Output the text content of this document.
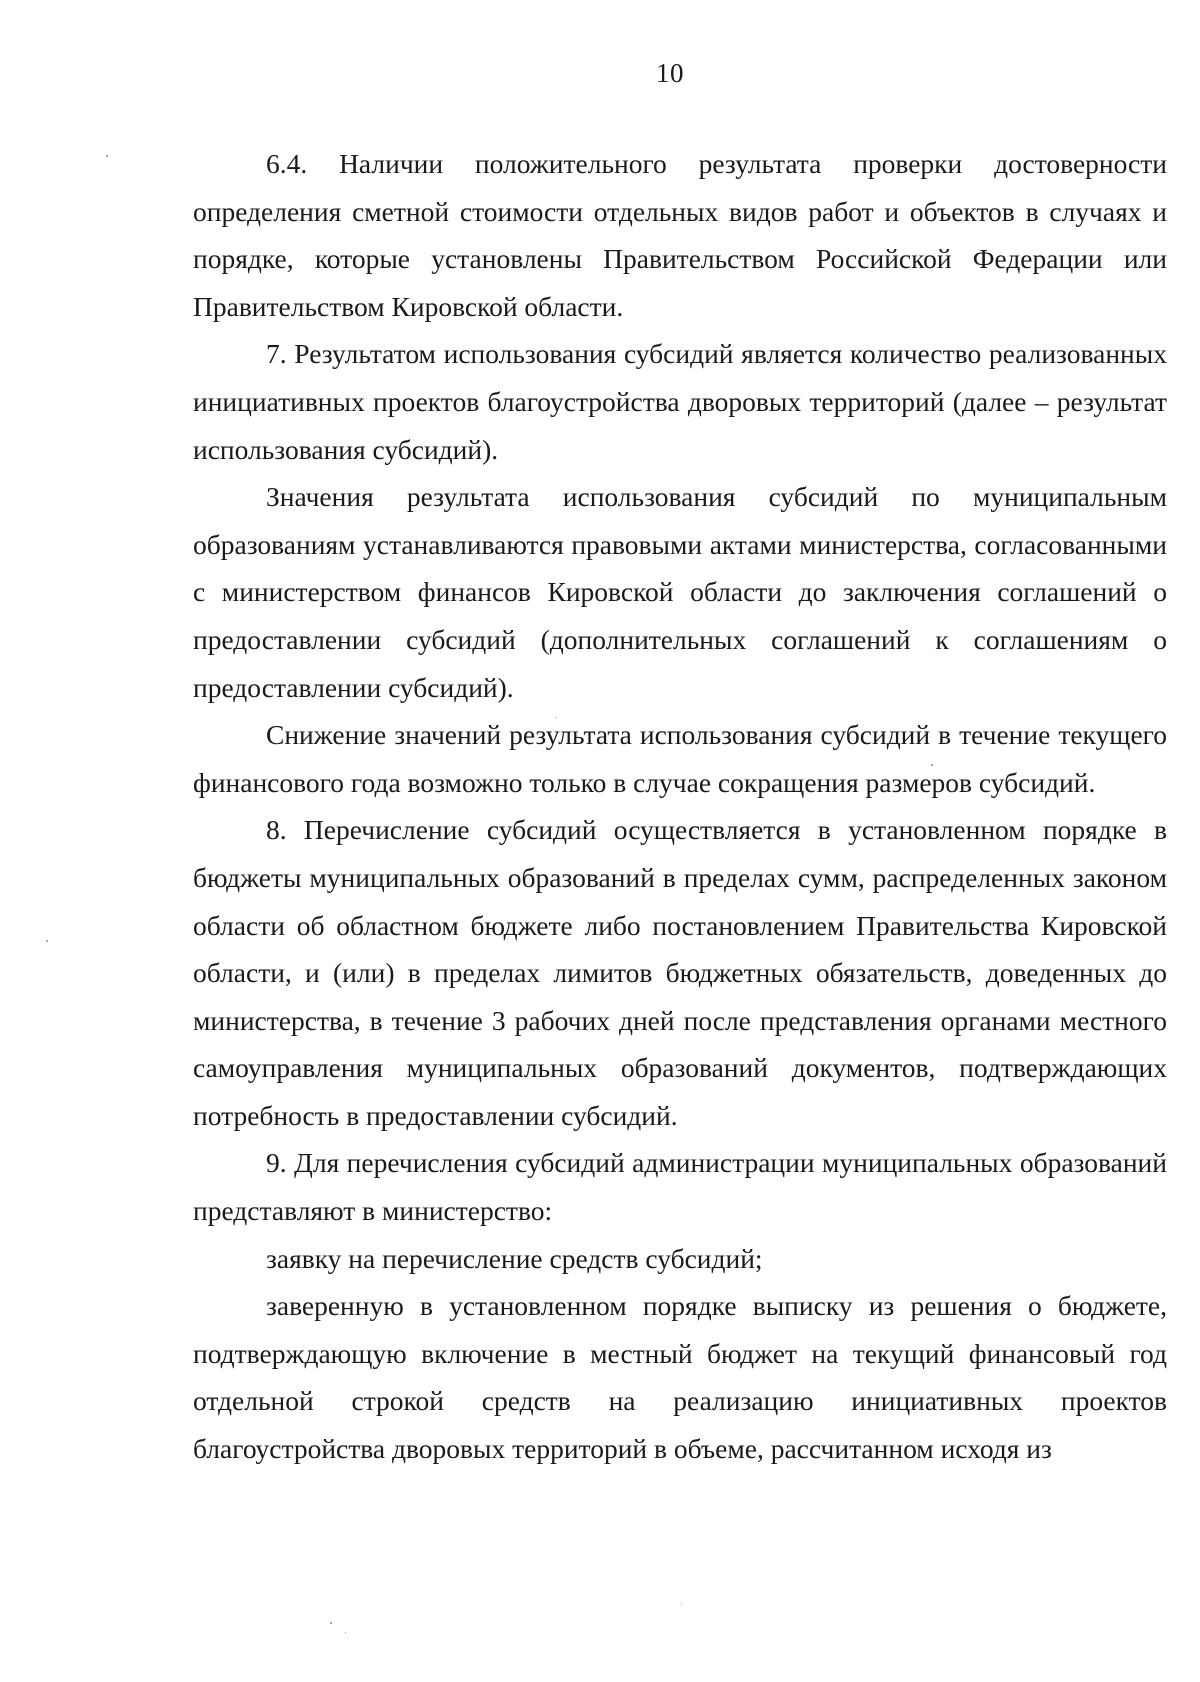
10

6.4. Наличии положительного результата проверки достоверности определения сметной стоимости отдельных видов работ и объектов в случаях и порядке, которые установлены Правительством Российской Федерации или Правительством Кировской области.

7. Результатом использования субсидий является количество реализованных инициативных проектов благоустройства дворовых территорий (далее – результат использования субсидий).

Значения результата использования субсидий по муниципальным образованиям устанавливаются правовыми актами министерства, согласованными с министерством финансов Кировской области до заключения соглашений о предоставлении субсидий (дополнительных соглашений к соглашениям о предоставлении субсидий).

Снижение значений результата использования субсидий в течение текущего финансового года возможно только в случае сокращения размеров субсидий.

8. Перечисление субсидий осуществляется в установленном порядке в бюджеты муниципальных образований в пределах сумм, распределенных законом области об областном бюджете либо постановлением Правительства Кировской области, и (или) в пределах лимитов бюджетных обязательств, доведенных до министерства, в течение 3 рабочих дней после представления органами местного самоуправления муниципальных образований документов, подтверждающих потребность в предоставлении субсидий.

9. Для перечисления субсидий администрации муниципальных образований представляют в министерство:

заявку на перечисление средств субсидий;

заверенную в установленном порядке выписку из решения о бюджете, подтверждающую включение в местный бюджет на текущий финансовый год отдельной строкой средств на реализацию инициативных проектов благоустройства дворовых территорий в объеме, рассчитанном исходя из
